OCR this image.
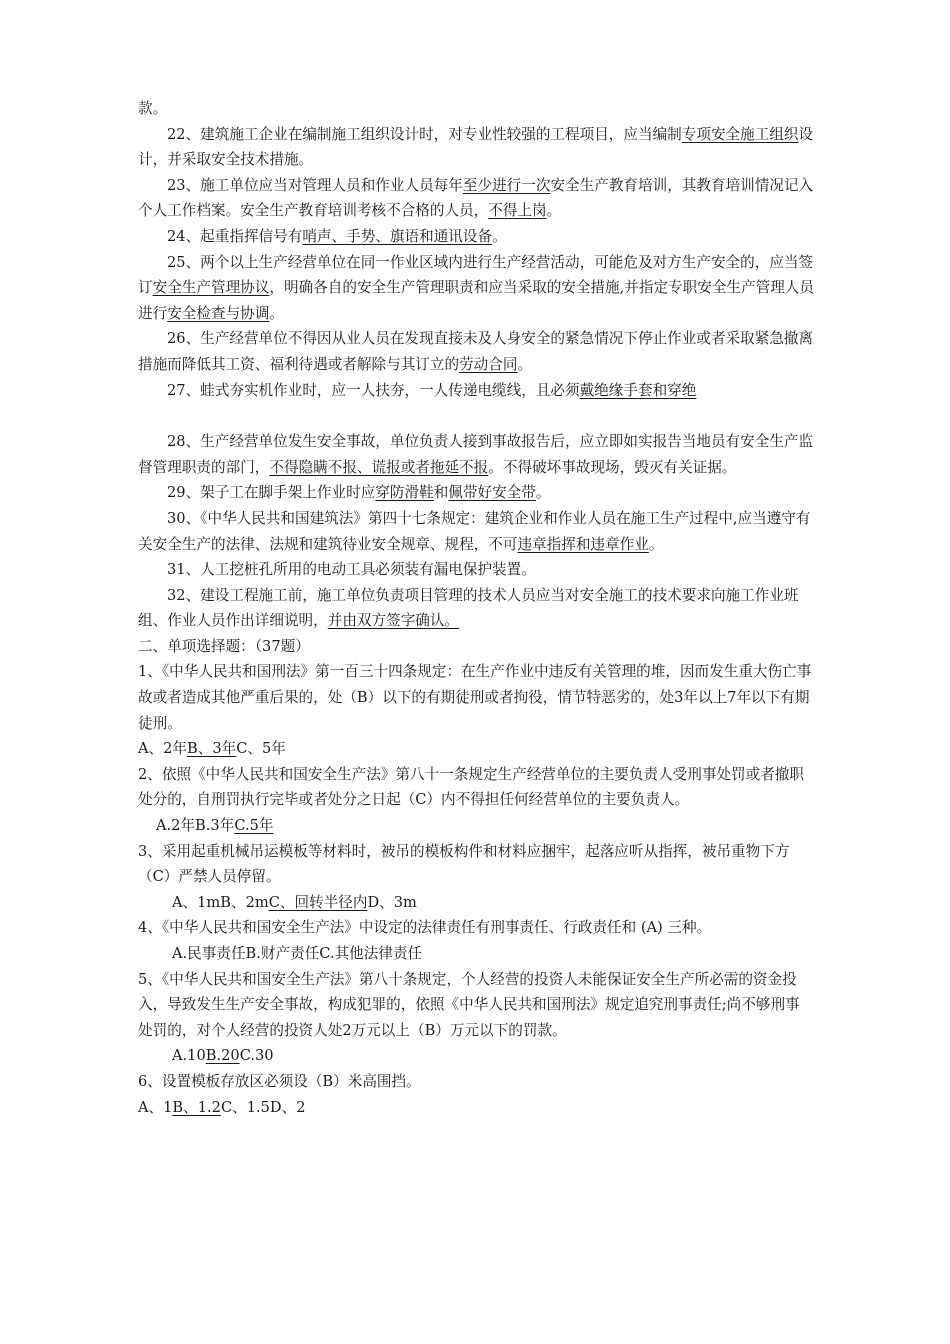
款。

22、建筑施工企业在编制施工组织设计时，对专业性较强的工程项目，应当编制专项安全施工组织设计，并采取安全技术措施。

23、施工单位应当对管理人员和作业人员每年至少进行一次安全生产教育培训，其教育培训情况记入个人工作档案。安全生产教育培训考核不合格的人员，不得上岗。

24、起重指挥信号有哨声、手势、旗语和通讯设备。

25、两个以上生产经营单位在同一作业区域内进行生产经营活动，可能危及对方生产安全的，应当签订安全生产管理协议，明确各自的安全生产管理职责和应当采取的安全措施,并指定专职安全生产管理人员进行安全检查与协调。

26、生产经营单位不得因从业人员在发现直接未及人身安全的紧急情况下停止作业或者采取紧急撤离措施而降低其工资、福利待遇或者解除与其订立的劳动合同。

27、蛙式夯实机作业时，应一人扶夯，一人传递电缆线，且必须戴绝缘手套和穿绝

28、生产经营单位发生安全事故，单位负责人接到事故报告后，应立即如实报告当地员有安全生产监督管理职责的部门，不得隐瞒不报、谎报或者拖延不报。不得破坏事故现场，毁灭有关证据。

29、架子工在脚手架上作业时应穿防滑鞋和佩带好安全带。

30、《中华人民共和国建筑法》第四十七条规定：建筑企业和作业人员在施工生产过程中,应当遵守有关安全生产的法律、法规和建筑待业安全规章、规程，不可违章指挥和违章作业。

31、人工挖桩孔所用的电动工具必须装有漏电保护装置。

32、建设工程施工前，施工单位负责项目管理的技术人员应当对安全施工的技术要求向施工作业班组、作业人员作出详细说明，并由双方签字确认。

二、单项选择题：（37题）

1、《中华人民共和国刑法》第一百三十四条规定：在生产作业中违反有关管理的堆，因而发生重大伤亡事故或者造成其他严重后果的，处（B）以下的有期徒刑或者拘役，情节特恶劣的，处3年以上7年以下有期徒刑。

A、2年B、3年C、5年

2、依照《中华人民共和国安全生产法》第八十一条规定生产经营单位的主要负责人受刑事处罚或者撤职处分的，自刑罚执行完毕或者处分之日起（C）内不得担任何经营单位的主要负责人。

A.2年B.3年C.5年

3、采用起重机械吊运模板等材料时，被吊的模板构件和材料应捆牢，起落应听从指挥，被吊重物下方（C）严禁人员停留。

A、1mB、2mC、回转半径内D、3m

4、《中华人民共和国安全生产法》中设定的法律责任有刑事责任、行政责任和 (A) 三种。

A.民事责任B.财产责任C.其他法律责任

5、《中华人民共和国安全生产法》第八十条规定，个人经营的投资人未能保证安全生产所必需的资金投入，导致发生生产安全事故，构成犯罪的，依照《中华人民共和国刑法》规定追究刑事责任;尚不够刑事处罚的，对个人经营的投资人处2万元以上（B）万元以下的罚款。

A.10B.20C.30

6、设置模板存放区必须设（B）米高围挡。

A、1B、1.2C、1.5D、2
